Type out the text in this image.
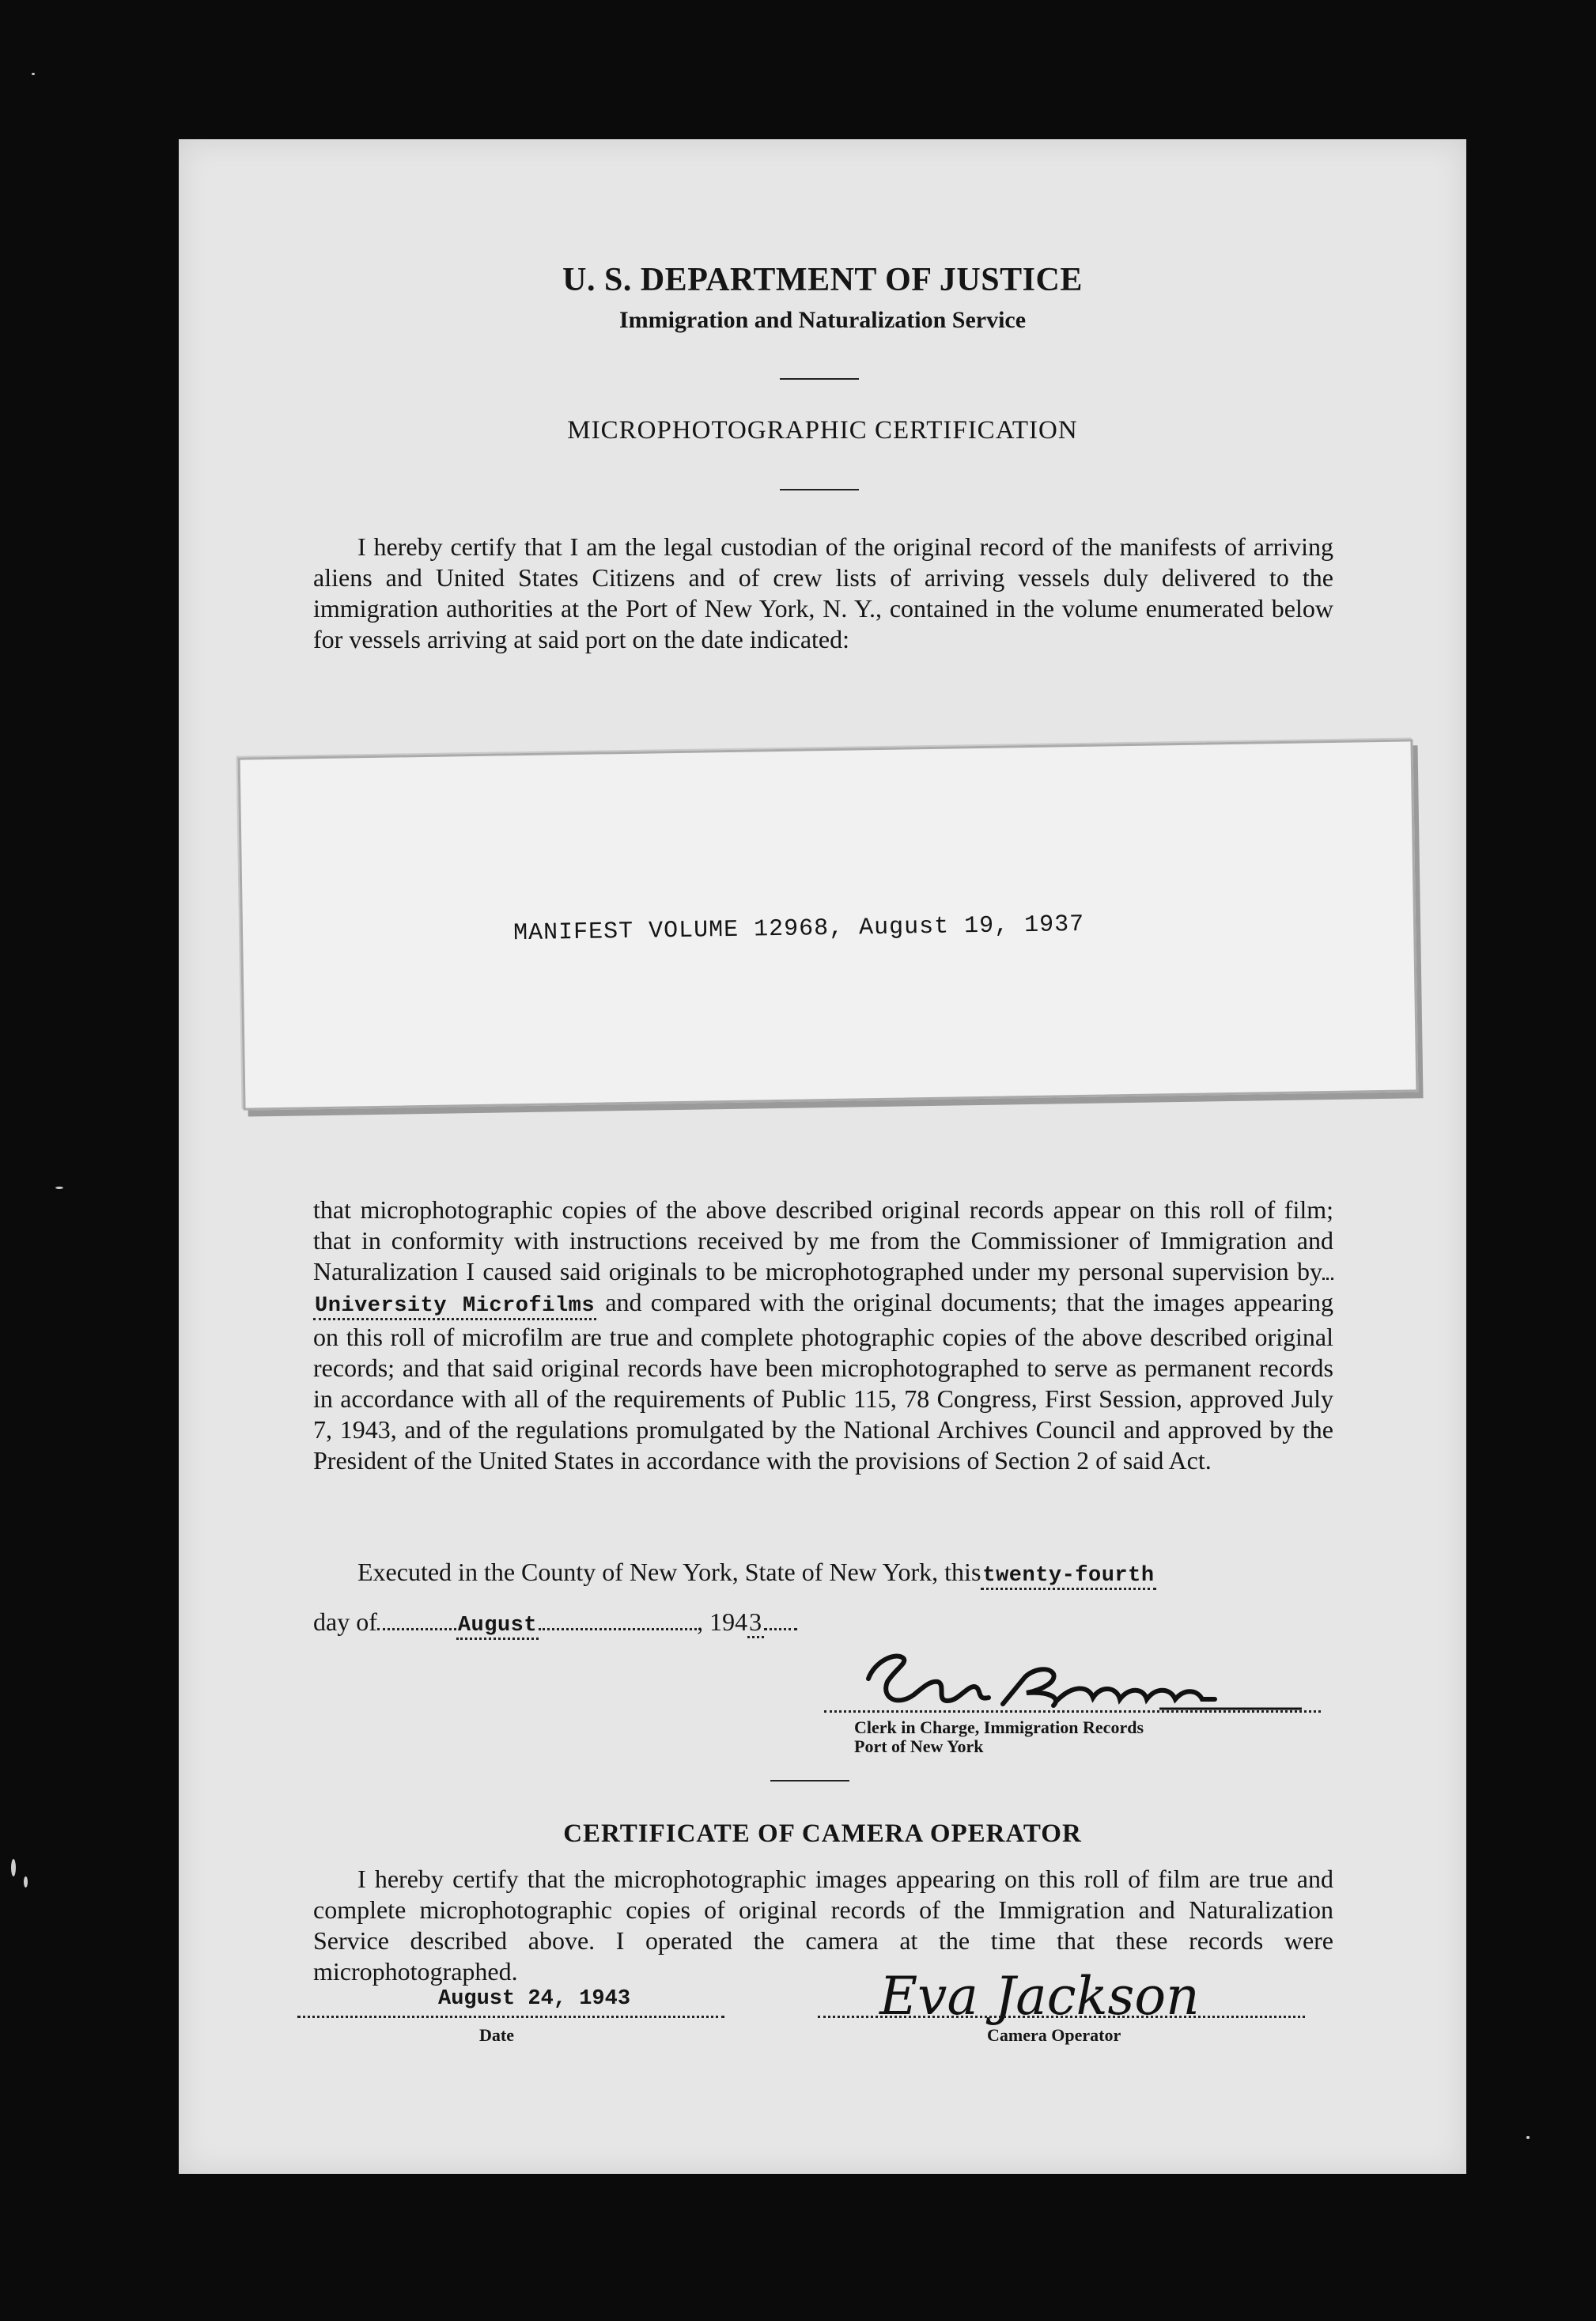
U. S. DEPARTMENT OF JUSTICE
Immigration and Naturalization Service
MICROPHOTOGRAPHIC CERTIFICATION
I hereby certify that I am the legal custodian of the original record of the manifests of arriving aliens and United States Citizens and of crew lists of arriving vessels duly delivered to the immigration authorities at the Port of New York, N. Y., contained in the volume enumerated below for vessels arriving at said port on the date indicated:
MANIFEST VOLUME 12968, August 19, 1937
that microphotographic copies of the above described original records appear on this roll of film; that in conformity with instructions received by me from the Commissioner of Immigration and Naturalization I caused said originals to be microphotographed under my personal supervision byUniversity Microfilms and compared with the original documents; that the images appearing on this roll of microfilm are true and complete photographic copies of the above described original records; and that said original records have been microphotographed to serve as permanent records in accordance with all of the requirements of Public 115, 78 Congress, First Session, approved July 7, 1943, and of the regulations promulgated by the National Archives Council and approved by the President of the United States in accordance with the provisions of Section 2 of said Act.
Executed in the County of New York, State of New York, thistwenty-fourth
day of	August	, 1943
Clerk in Charge, Immigration Records
Port of New York
CERTIFICATE OF CAMERA OPERATOR
I hereby certify that the microphotographic images appearing on this roll of film are true and complete microphotographic copies of original records of the Immigration and Naturalization Service described above. I operated the camera at the time that these records were microphotographed.
August 24, 1943
Date
Eva Jackson
Camera Operator
